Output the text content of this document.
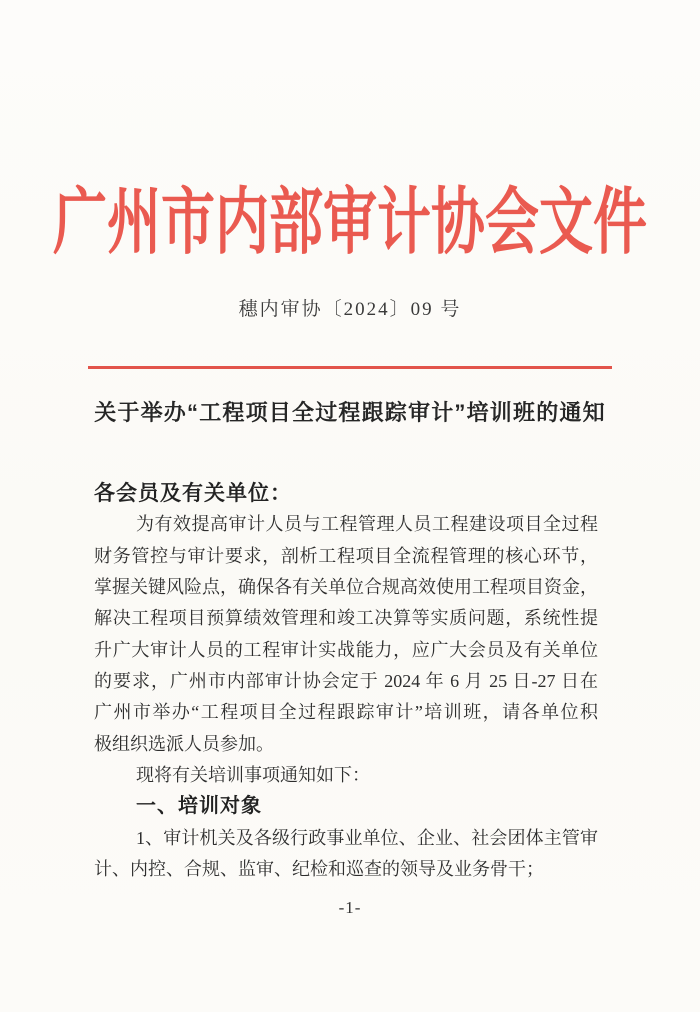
广州市内部审计协会文件
穗内审协〔2024〕09 号
关于举办“工程项目全过程跟踪审计”培训班的通知
各会员及有关单位：
为有效提高审计人员与工程管理人员工程建设项目全过程
财务管控与审计要求，剖析工程项目全流程管理的核心环节，
掌握关键风险点，确保各有关单位合规高效使用工程项目资金，
解决工程项目预算绩效管理和竣工决算等实质问题，系统性提
升广大审计人员的工程审计实战能力，应广大会员及有关单位
的要求，广州市内部审计协会定于 2024 年 6 月 25 日-27 日在
广州市举办“工程项目全过程跟踪审计”培训班，请各单位积
极组织选派人员参加。
现将有关培训事项通知如下：
一、培训对象
1、审计机关及各级行政事业单位、企业、社会团体主管审
计、内控、合规、监审、纪检和巡查的领导及业务骨干；
-1-
